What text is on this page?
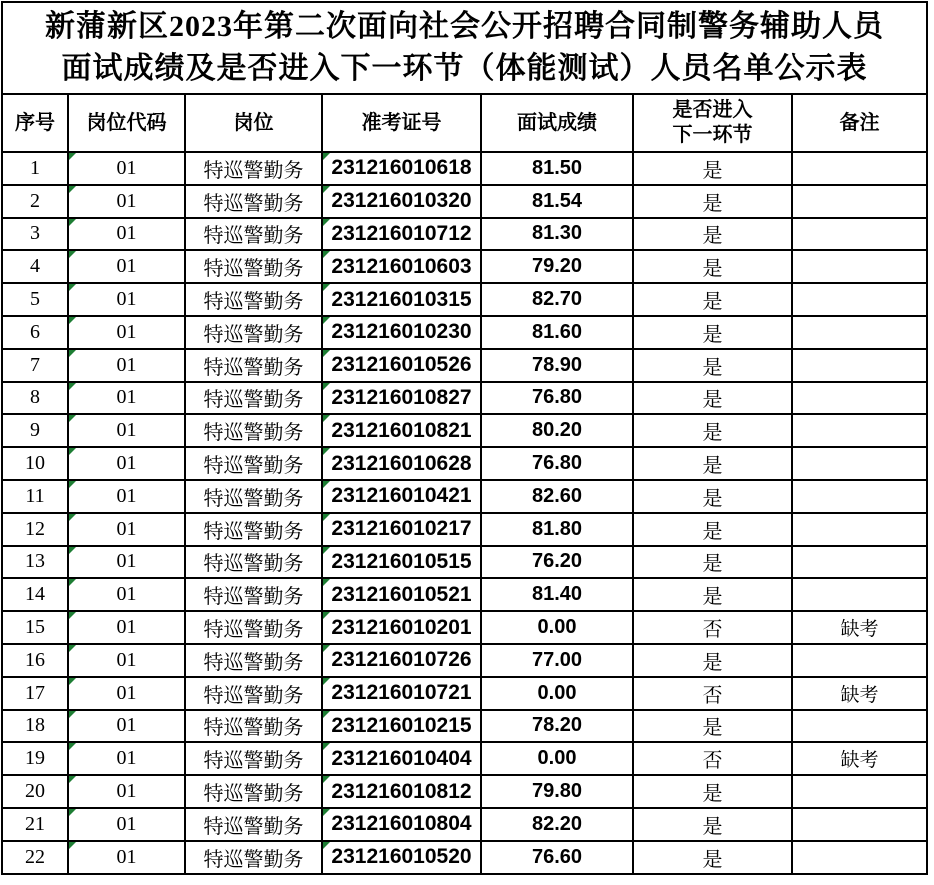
新蒲新区2023年第二次面向社会公开招聘合同制警务辅助人员
面试成绩及是否进入下一环节（体能测试）人员名单公示表						

序号	岗位代码	岗位	准考证号	面试成绩	是否进入
下一环节	备注
1	01	特巡警勤务	231216010618	81.50	是	
2	01	特巡警勤务	231216010320	81.54	是	
3	01	特巡警勤务	231216010712	81.30	是	
4	01	特巡警勤务	231216010603	79.20	是	
5	01	特巡警勤务	231216010315	82.70	是	
6	01	特巡警勤务	231216010230	81.60	是	
7	01	特巡警勤务	231216010526	78.90	是	
8	01	特巡警勤务	231216010827	76.80	是	
9	01	特巡警勤务	231216010821	80.20	是	
10	01	特巡警勤务	231216010628	76.80	是	
11	01	特巡警勤务	231216010421	82.60	是	
12	01	特巡警勤务	231216010217	81.80	是	
13	01	特巡警勤务	231216010515	76.20	是	
14	01	特巡警勤务	231216010521	81.40	是	
15	01	特巡警勤务	231216010201	0.00	否	缺考
16	01	特巡警勤务	231216010726	77.00	是	
17	01	特巡警勤务	231216010721	0.00	否	缺考
18	01	特巡警勤务	231216010215	78.20	是	
19	01	特巡警勤务	231216010404	0.00	否	缺考
20	01	特巡警勤务	231216010812	79.80	是	
21	01	特巡警勤务	231216010804	82.20	是	
22	01	特巡警勤务	231216010520	76.60	是	
